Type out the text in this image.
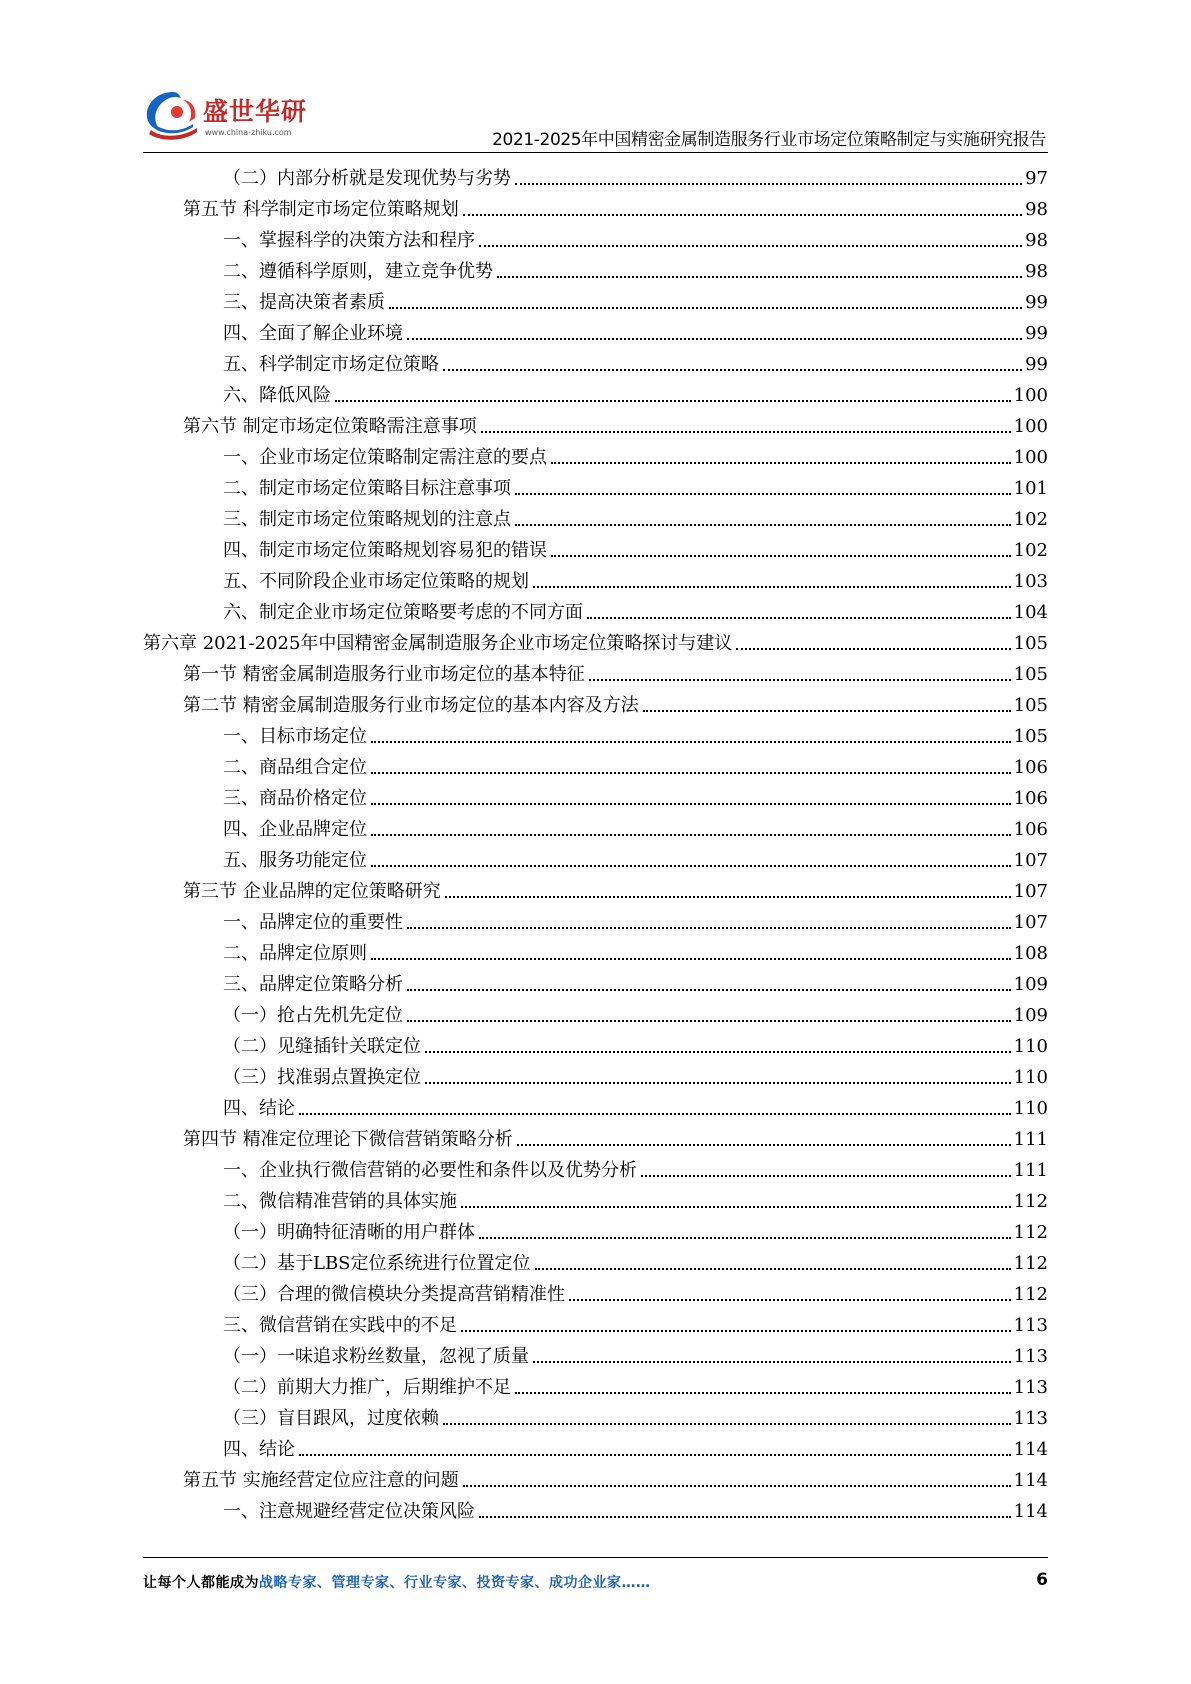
盛世华研
www.china-zhiku.com	2021-2025年中国精密金属制造服务行业市场定位策略制定与实施研究报告
（二）内部分析就是发现优势与劣势	97
第五节 科学制定市场定位策略规划	98
一、掌握科学的决策方法和程序	98
二、遵循科学原则，建立竞争优势	98
三、提高决策者素质	99
四、全面了解企业环境	99
五、科学制定市场定位策略	99
六、降低风险	100
第六节 制定市场定位策略需注意事项	100
一、企业市场定位策略制定需注意的要点	100
二、制定市场定位策略目标注意事项	101
三、制定市场定位策略规划的注意点	102
四、制定市场定位策略规划容易犯的错误	102
五、不同阶段企业市场定位策略的规划	103
六、制定企业市场定位策略要考虑的不同方面	104
第六章 2021-2025年中国精密金属制造服务企业市场定位策略探讨与建议	105
第一节 精密金属制造服务行业市场定位的基本特征	105
第二节 精密金属制造服务行业市场定位的基本内容及方法	105
一、目标市场定位	105
二、商品组合定位	106
三、商品价格定位	106
四、企业品牌定位	106
五、服务功能定位	107
第三节 企业品牌的定位策略研究	107
一、品牌定位的重要性	107
二、品牌定位原则	108
三、品牌定位策略分析	109
（一）抢占先机先定位	109
（二）见缝插针关联定位	110
（三）找准弱点置换定位	110
四、结论	110
第四节 精准定位理论下微信营销策略分析	111
一、企业执行微信营销的必要性和条件以及优势分析	111
二、微信精准营销的具体实施	112
（一）明确特征清晰的用户群体	112
（二）基于LBS定位系统进行位置定位	112
（三）合理的微信模块分类提高营销精准性	112
三、微信营销在实践中的不足	113
（一）一味追求粉丝数量，忽视了质量	113
（二）前期大力推广，后期维护不足	113
（三）盲目跟风，过度依赖	113
四、结论	114
第五节 实施经营定位应注意的问题	114
一、注意规避经营定位决策风险	114
让每个人都能成为战略专家、管理专家、行业专家、投资专家、成功企业家……	6
